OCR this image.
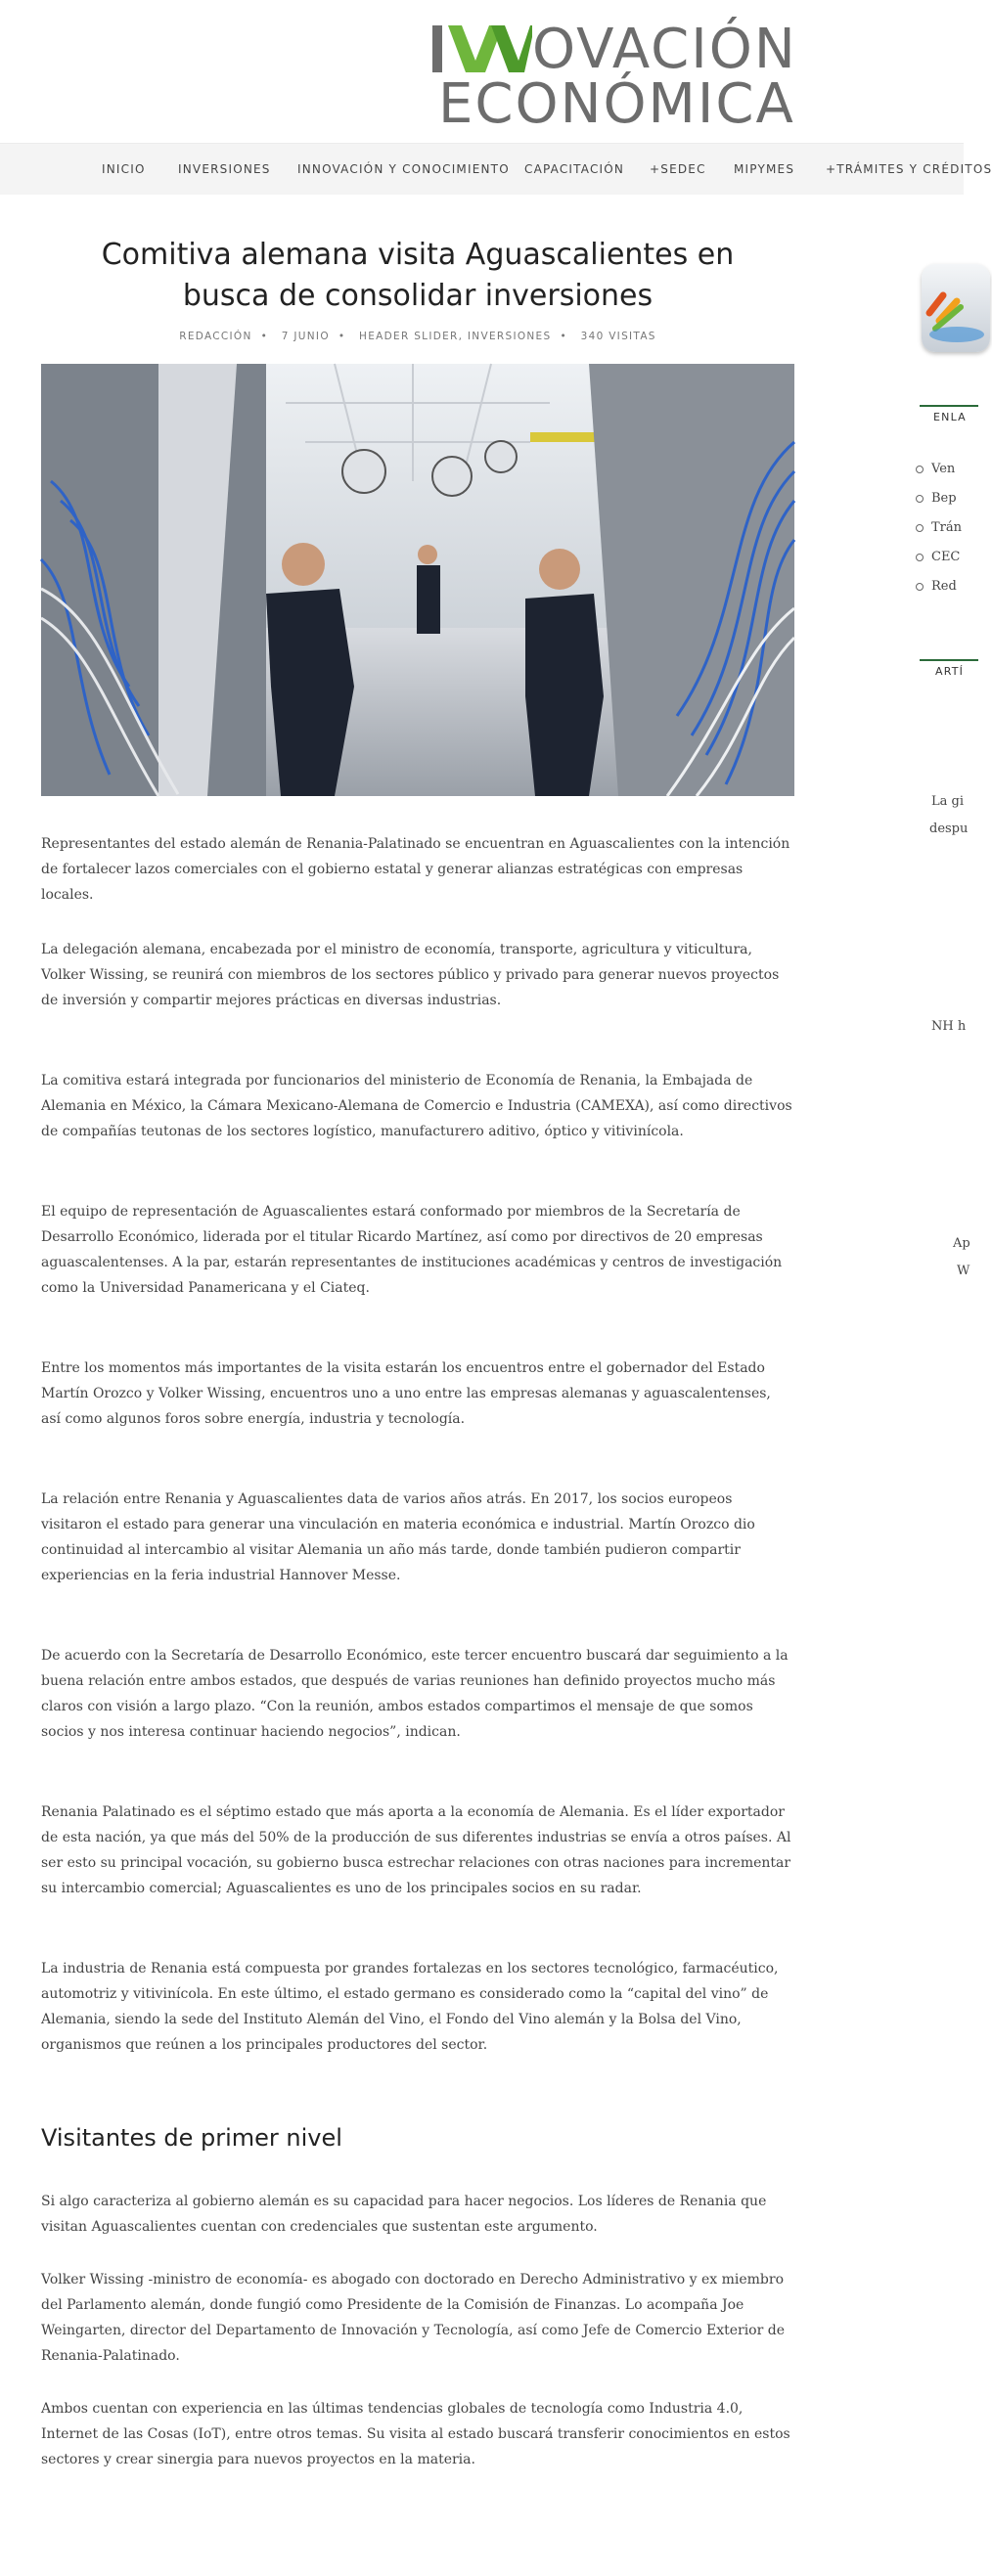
OVACIÓN
ECONÓMICA
INICIO	INVERSIONES INNOVACIÓN Y CONOCIMIENTO CAPACITACIÓN +SEDEC MIPYMES	+TRÁMITES Y CRÉDITOS
Comitiva alemana visita Aguascalientes en busca de consolidar inversiones
REDACCIÓN • 7 JUNIO • HEADER SLIDER, INVERSIONES • 340 VISITAS

Representantes del estado alemán de Renania-Palatinado se encuentran en Aguascalientes con la intención de fortalecer lazos comerciales con el gobierno estatal y generar alianzas estratégicas con empresas locales.

La delegación alemana, encabezada por el ministro de economía, transporte, agricultura y viticultura, Volker Wissing, se reunirá con miembros de los sectores público y privado para generar nuevos proyectos de inversión y compartir mejores prácticas en diversas industrias.

La comitiva estará integrada por funcionarios del ministerio de Economía de Renania, la Embajada de Alemania en México, la Cámara Mexicano-Alemana de Comercio e Industria (CAMEXA), así como directivos de compañías teutonas de los sectores logístico, manufacturero aditivo, óptico y vitivinícola.

El equipo de representación de Aguascalientes estará conformado por miembros de la Secretaría de Desarrollo Económico, liderada por el titular Ricardo Martínez, así como por directivos de 20 empresas aguascalentenses. A la par, estarán representantes de instituciones académicas y centros de investigación como la Universidad Panamericana y el Ciateq.

Entre los momentos más importantes de la visita estarán los encuentros entre el gobernador del Estado Martín Orozco y Volker Wissing, encuentros uno a uno entre las empresas alemanas y aguascalentenses, así como algunos foros sobre energía, industria y tecnología.

La relación entre Renania y Aguascalientes data de varios años atrás. En 2017, los socios europeos visitaron el estado para generar una vinculación en materia económica e industrial. Martín Orozco dio continuidad al intercambio al visitar Alemania un año más tarde, donde también pudieron compartir experiencias en la feria industrial Hannover Messe.

De acuerdo con la Secretaría de Desarrollo Económico, este tercer encuentro buscará dar seguimiento a la buena relación entre ambos estados, que después de varias reuniones han definido proyectos mucho más claros con visión a largo plazo. “Con la reunión, ambos estados compartimos el mensaje de que somos socios y nos interesa continuar haciendo negocios”, indican.

Renania Palatinado es el séptimo estado que más aporta a la economía de Alemania. Es el líder exportador de esta nación, ya que más del 50% de la producción de sus diferentes industrias se envía a otros países. Al ser esto su principal vocación, su gobierno busca estrechar relaciones con otras naciones para incrementar su intercambio comercial; Aguascalientes es uno de los principales socios en su radar.

La industria de Renania está compuesta por grandes fortalezas en los sectores tecnológico, farmacéutico, automotriz y vitivinícola. En este último, el estado germano es considerado como la “capital del vino” de Alemania, siendo la sede del Instituto Alemán del Vino, el Fondo del Vino alemán y la Bolsa del Vino, organismos que reúnen a los principales productores del sector.

Visitantes de primer nivel

Si algo caracteriza al gobierno alemán es su capacidad para hacer negocios. Los líderes de Renania que visitan Aguascalientes cuentan con credenciales que sustentan este argumento.

Volker Wissing -ministro de economía- es abogado con doctorado en Derecho Administrativo y ex miembro del Parlamento alemán, donde fungió como Presidente de la Comisión de Finanzas. Lo acompaña Joe Weingarten, director del Departamento de Innovación y Tecnología, así como Jefe de Comercio Exterior de Renania-Palatinado.

Ambos cuentan con experiencia en las últimas tendencias globales de tecnología como Industria 4.0, Internet de las Cosas (IoT), entre otros temas. Su visita al estado buscará transferir conocimientos en estos sectores y crear sinergia para nuevos proyectos en la materia.

ENLA
Ven
Bep
Trán
CEC
Red
ARTÍ
La gi
despu
NH h
Ap
W
